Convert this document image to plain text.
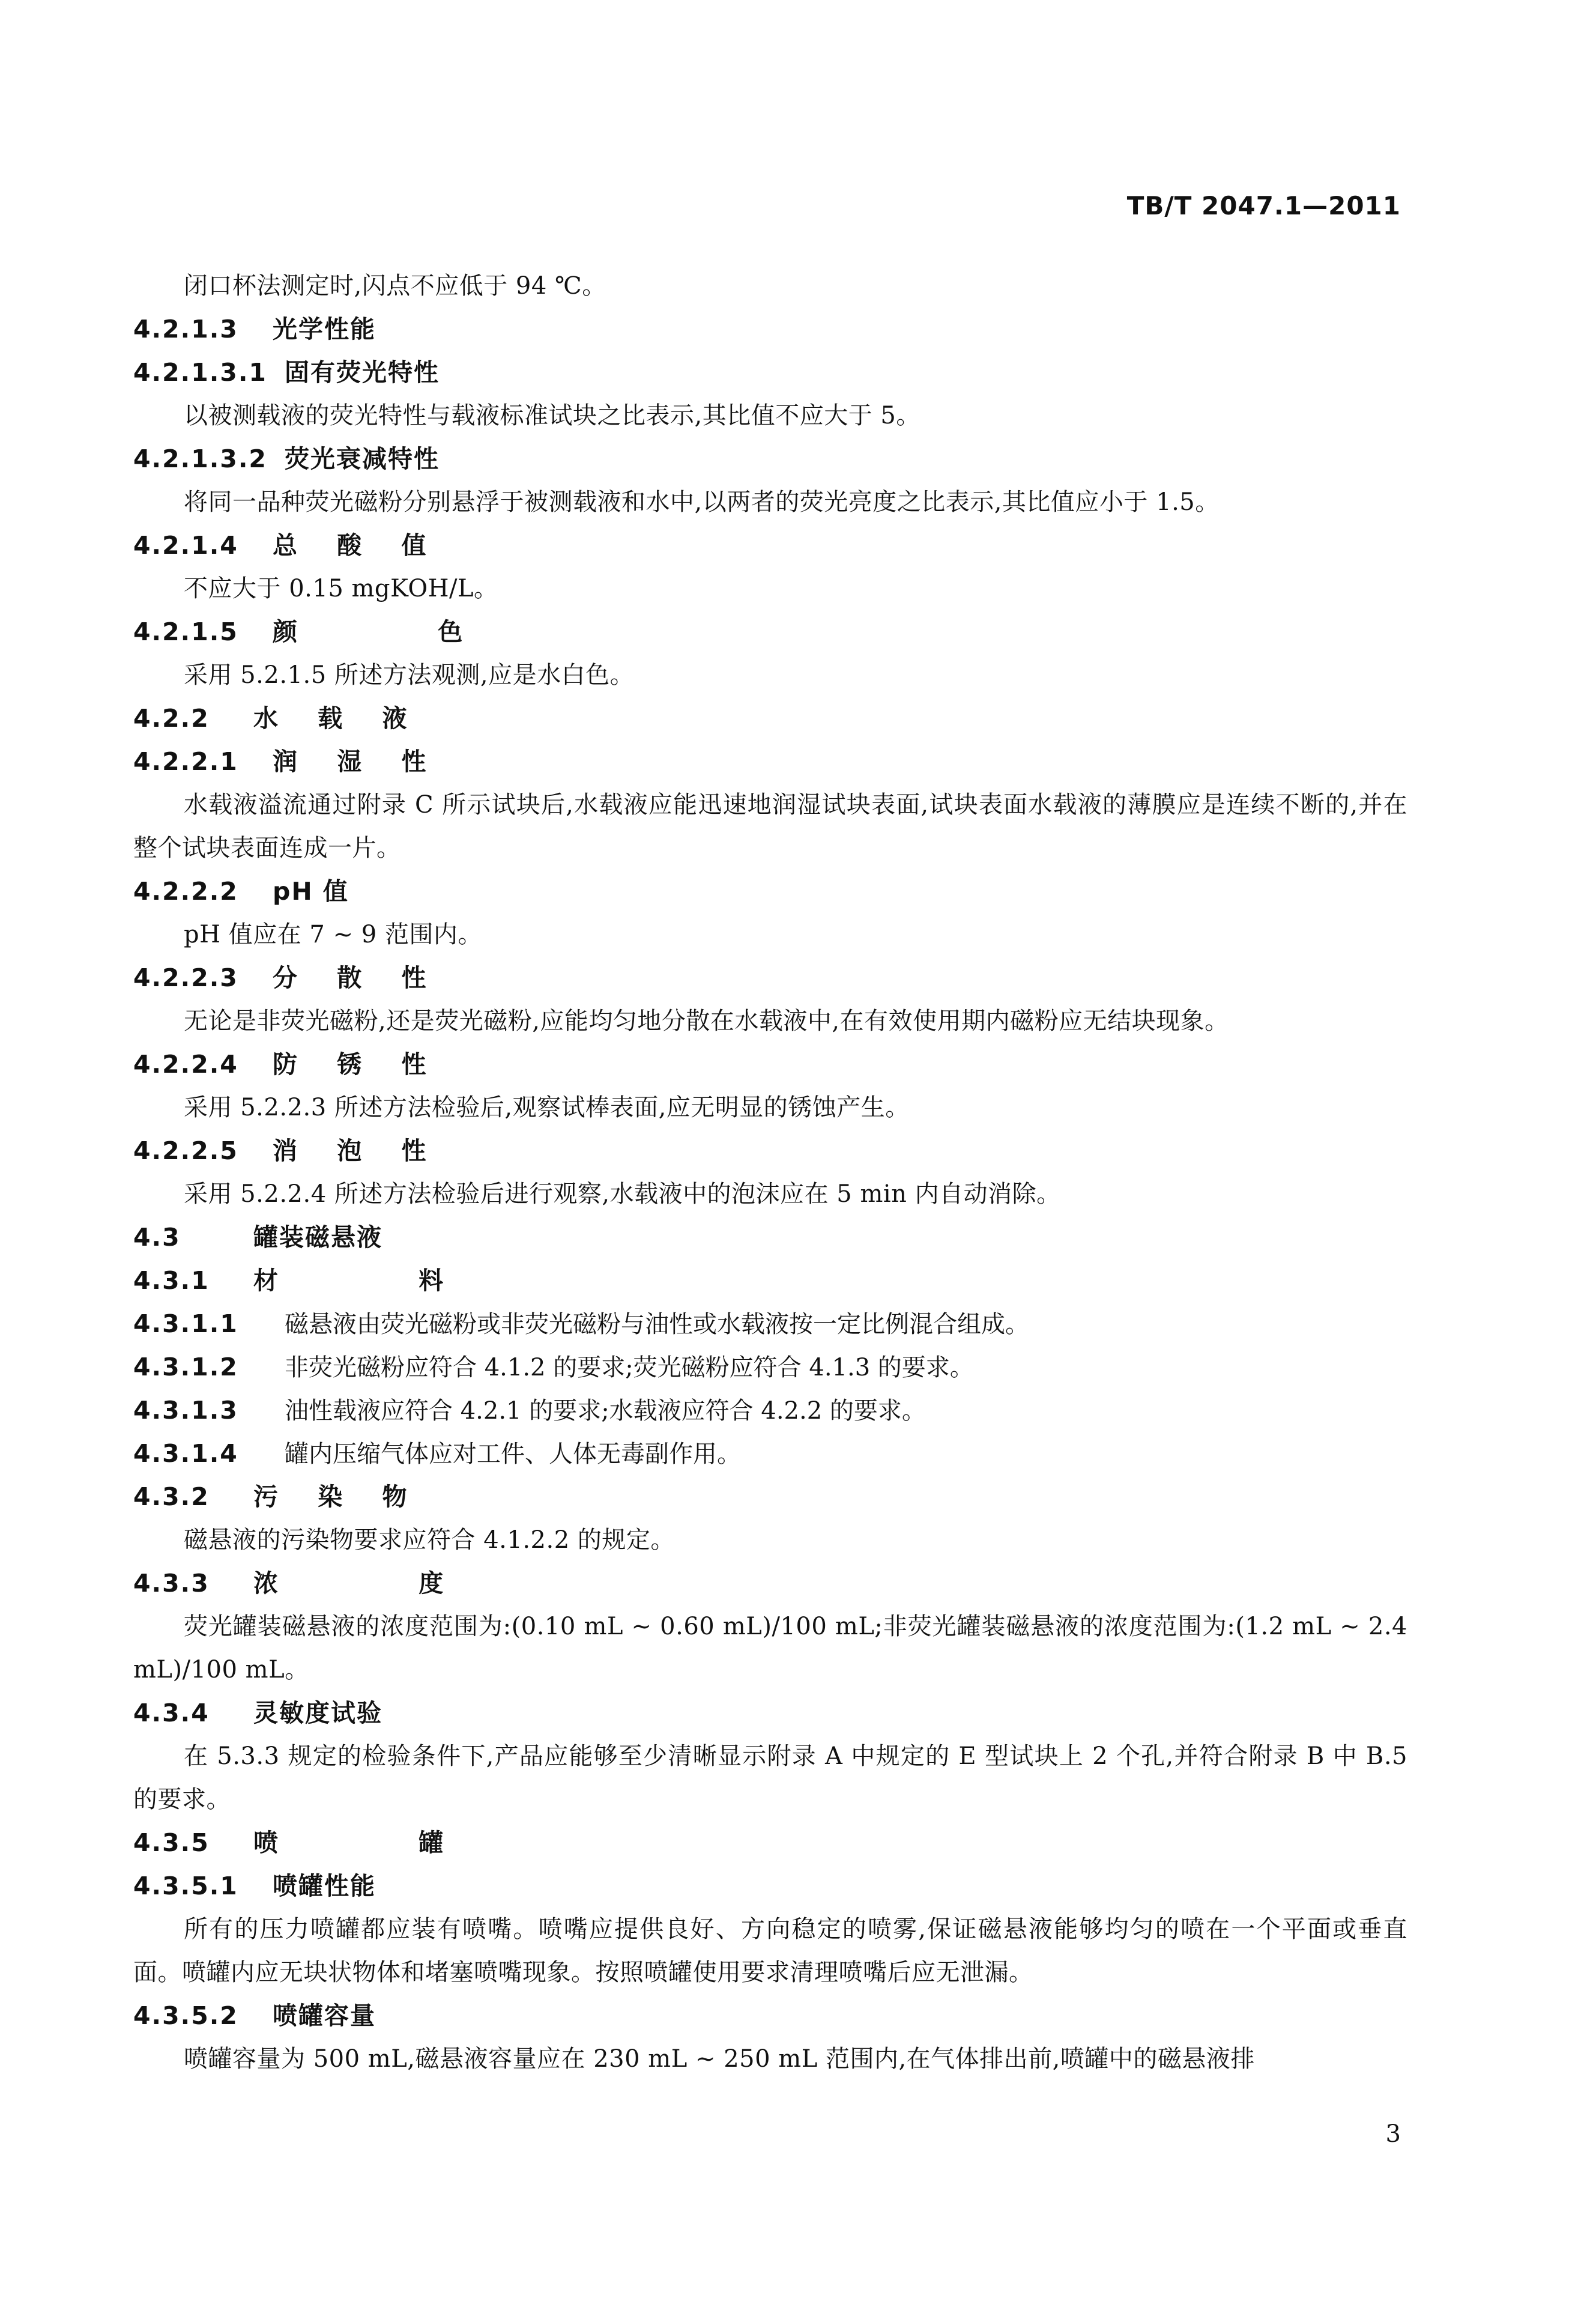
TB/T 2047.1—2011
闭口杯法测定时,闪点不应低于 94 ℃。
4.2.1.3 光学性能
4.2.1.3.1 固有荧光特性
以被测载液的荧光特性与载液标准试块之比表示,其比值不应大于 5。
4.2.1.3.2 荧光衰减特性
将同一品种荧光磁粉分别悬浮于被测载液和水中,以两者的荧光亮度之比表示,其比值应小于 1.5。
4.2.1.4 总 酸 值
不应大于 0.15 mgKOH/L。
4.2.1.5 颜 色
采用 5.2.1.5 所述方法观测,应是水白色。
4.2.2 水 载 液
4.2.2.1 润 湿 性
水载液溢流通过附录 C 所示试块后,水载液应能迅速地润湿试块表面,试块表面水载液的薄膜应是连续不断的,并在整个试块表面连成一片。
4.2.2.2 pH 值
pH 值应在 7 ~ 9 范围内。
4.2.2.3 分 散 性
无论是非荧光磁粉,还是荧光磁粉,应能均匀地分散在水载液中,在有效使用期内磁粉应无结块现象。
4.2.2.4 防 锈 性
采用 5.2.2.3 所述方法检验后,观察试棒表面,应无明显的锈蚀产生。
4.2.2.5 消 泡 性
采用 5.2.2.4 所述方法检验后进行观察,水载液中的泡沫应在 5 min 内自动消除。
4.3	罐装磁悬液
4.3.1 材 料
4.3.1.1 磁悬液由荧光磁粉或非荧光磁粉与油性或水载液按一定比例混合组成。
4.3.1.2 非荧光磁粉应符合 4.1.2 的要求;荧光磁粉应符合 4.1.3 的要求。
4.3.1.3 油性载液应符合 4.2.1 的要求;水载液应符合 4.2.2 的要求。
4.3.1.4 罐内压缩气体应对工件、人体无毒副作用。
4.3.2 污 染 物
磁悬液的污染物要求应符合 4.1.2.2 的规定。
4.3.3 浓 度
荧光罐装磁悬液的浓度范围为:(0.10 mL ~ 0.60 mL)/100 mL;非荧光罐装磁悬液的浓度范围为:(1.2 mL ~ 2.4 mL)/100 mL。
4.3.4 灵敏度试验
在 5.3.3 规定的检验条件下,产品应能够至少清晰显示附录 A 中规定的 E 型试块上 2 个孔,并符合附录 B 中 B.5 的要求。
4.3.5 喷 罐
4.3.5.1 喷罐性能
所有的压力喷罐都应装有喷嘴。喷嘴应提供良好、方向稳定的喷雾,保证磁悬液能够均匀的喷在一个平面或垂直面。喷罐内应无块状物体和堵塞喷嘴现象。按照喷罐使用要求清理喷嘴后应无泄漏。
4.3.5.2 喷罐容量
喷罐容量为 500 mL,磁悬液容量应在 230 mL ~ 250 mL 范围内,在气体排出前,喷罐中的磁悬液排
3
